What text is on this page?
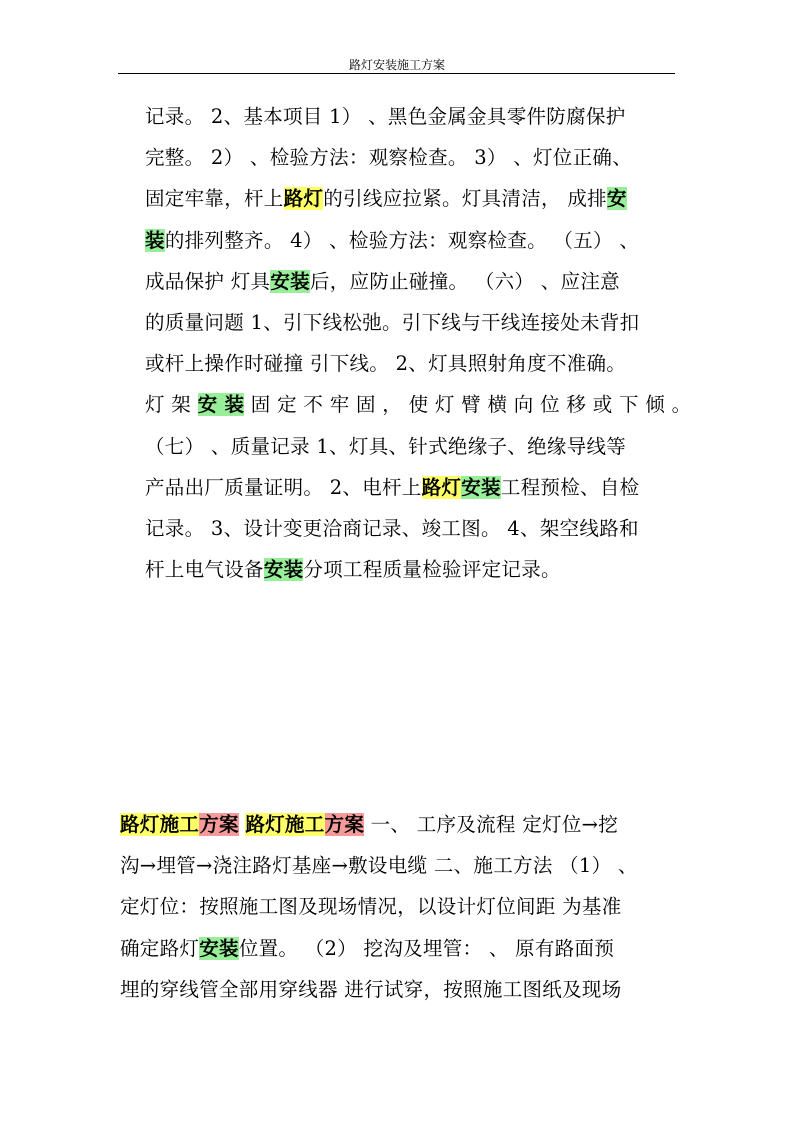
路灯安装施工方案
记录。 2、基本项目 1） 、黑色金属金具零件防腐保护
完整。 2） 、检验方法：观察检查。 3） 、灯位正确、
固定牢靠，杆上路灯的引线应拉紧。灯具清洁， 成排安
装的排列整齐。 4） 、检验方法：观察检查。 （五） 、
成品保护 灯具安装后，应防止碰撞。 （六） 、应注意
的质量问题 1、引下线松弛。引下线与干线连接处未背扣
或杆上操作时碰撞 引下线。 2、灯具照射角度不准确。
灯 架 安 装 固 定 不 牢 固 ， 使 灯 臂 横 向 位 移 或 下 倾 。
（七） 、质量记录 1、灯具、针式绝缘子、绝缘导线等
产品出厂质量证明。 2、电杆上路灯安装工程预检、自检
记录。 3、设计变更洽商记录、竣工图。 4、架空线路和
杆上电气设备安装分项工程质量检验评定记录。
路灯施工方案 路灯施工方案 一、 工序及流程 定灯位→挖
沟→埋管→浇注路灯基座→敷设电缆 二、施工方法 （1） 、
定灯位：按照施工图及现场情况，以设计灯位间距 为基准
确定路灯安装位置。 （2） 挖沟及埋管： 、 原有路面预
埋的穿线管全部用穿线器 进行试穿，按照施工图纸及现场
